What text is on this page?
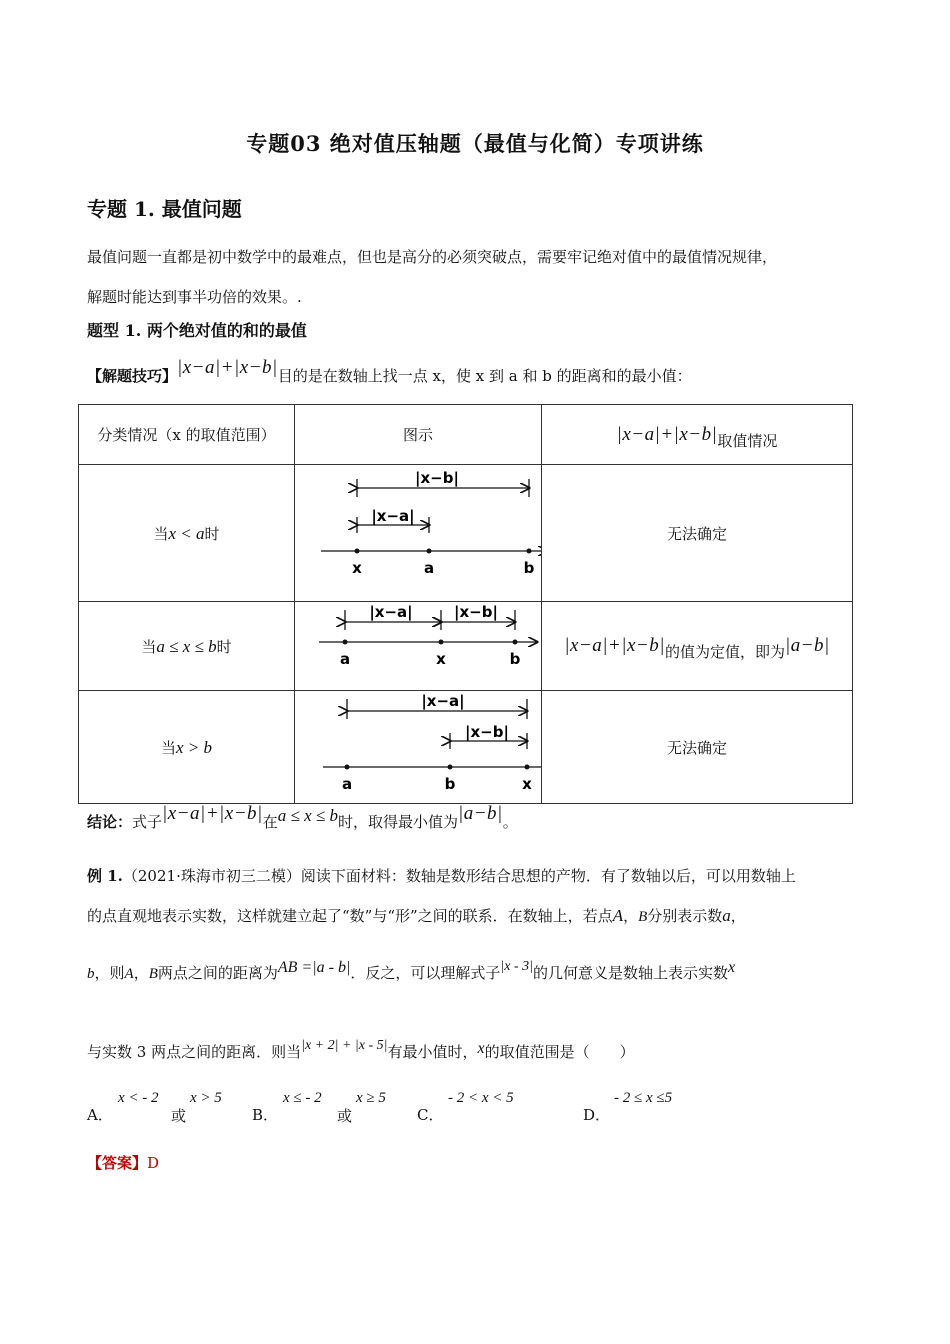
专题03 绝对值压轴题（最值与化简）专项讲练
专题 1. 最值问题
最值问题一直都是初中数学中的最难点，但也是高分的必须突破点，需要牢记绝对值中的最值情况规律，
解题时能达到事半功倍的效果。.
题型 1. 两个绝对值的和的最值
【解题技巧】|x−a|+|x−b|目的是在数轴上找一点 x，使 x 到 a 和 b 的距离和的最小值：
分类情况（x 的取值范围）	图示	|x−a|+|x−b|取值情况
当x < a时	|x−b|
|x−a|
x a b	无法确定
当a ≤ x ≤ b时	|x−a| |x−b|
a x b	|x−a|+|x−b|的值为定值，即为|a−b|
当x > b	|x−a|
|x−b|
a b x	无法确定
结论：式子|x−a|+|x−b|在a ≤ x ≤ b时，取得最小值为|a−b|。
例 1.（2021·珠海市初三二模）阅读下面材料：数轴是数形结合思想的产物．有了数轴以后，可以用数轴上
的点直观地表示实数，这样就建立起了“数”与“形”之间的联系．在数轴上，若点A，B分别表示数a，
b，则A，B两点之间的距离为AB =|a - b|．反之，可以理解式子|x - 3|的几何意义是数轴上表示实数x
与实数 3 两点之间的距离．则当|x + 2| + |x - 5|有最小值时，x的取值范围是（　　）
A．
x < - 2
或
x > 5
B．
x ≤ - 2
或
x ≥ 5
C．
- 2 < x < 5
D．
- 2 ≤ x ≤5
【答案】D
